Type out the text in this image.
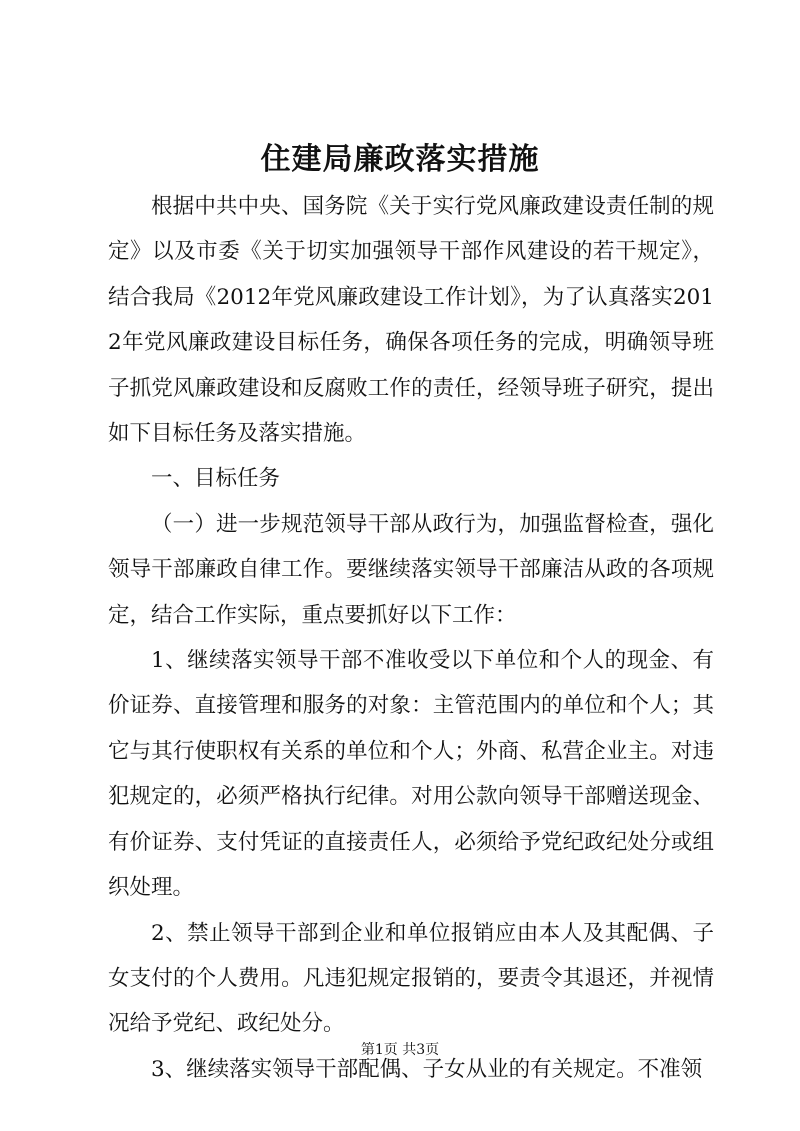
住建局廉政落实措施

根据中共中央、国务院《关于实行党风廉政建设责任制的规定》以及市委《关于切实加强领导干部作风建设的若干规定》，结合我局《2012年党风廉政建设工作计划》，为了认真落实2012年党风廉政建设目标任务，确保各项任务的完成，明确领导班子抓党风廉政建设和反腐败工作的责任，经领导班子研究，提出如下目标任务及落实措施。

一、目标任务

（一）进一步规范领导干部从政行为，加强监督检查，强化领导干部廉政自律工作。要继续落实领导干部廉洁从政的各项规定，结合工作实际，重点要抓好以下工作：

1、继续落实领导干部不准收受以下单位和个人的现金、有价证券、直接管理和服务的对象：主管范围内的单位和个人；其它与其行使职权有关系的单位和个人；外商、私营企业主。对违犯规定的，必须严格执行纪律。对用公款向领导干部赠送现金、有价证券、支付凭证的直接责任人，必须给予党纪政纪处分或组织处理。

2、禁止领导干部到企业和单位报销应由本人及其配偶、子女支付的个人费用。凡违犯规定报销的，要责令其退还，并视情况给予党纪、政纪处分。

3、继续落实领导干部配偶、子女从业的有关规定。不准领

第1页 共3页
